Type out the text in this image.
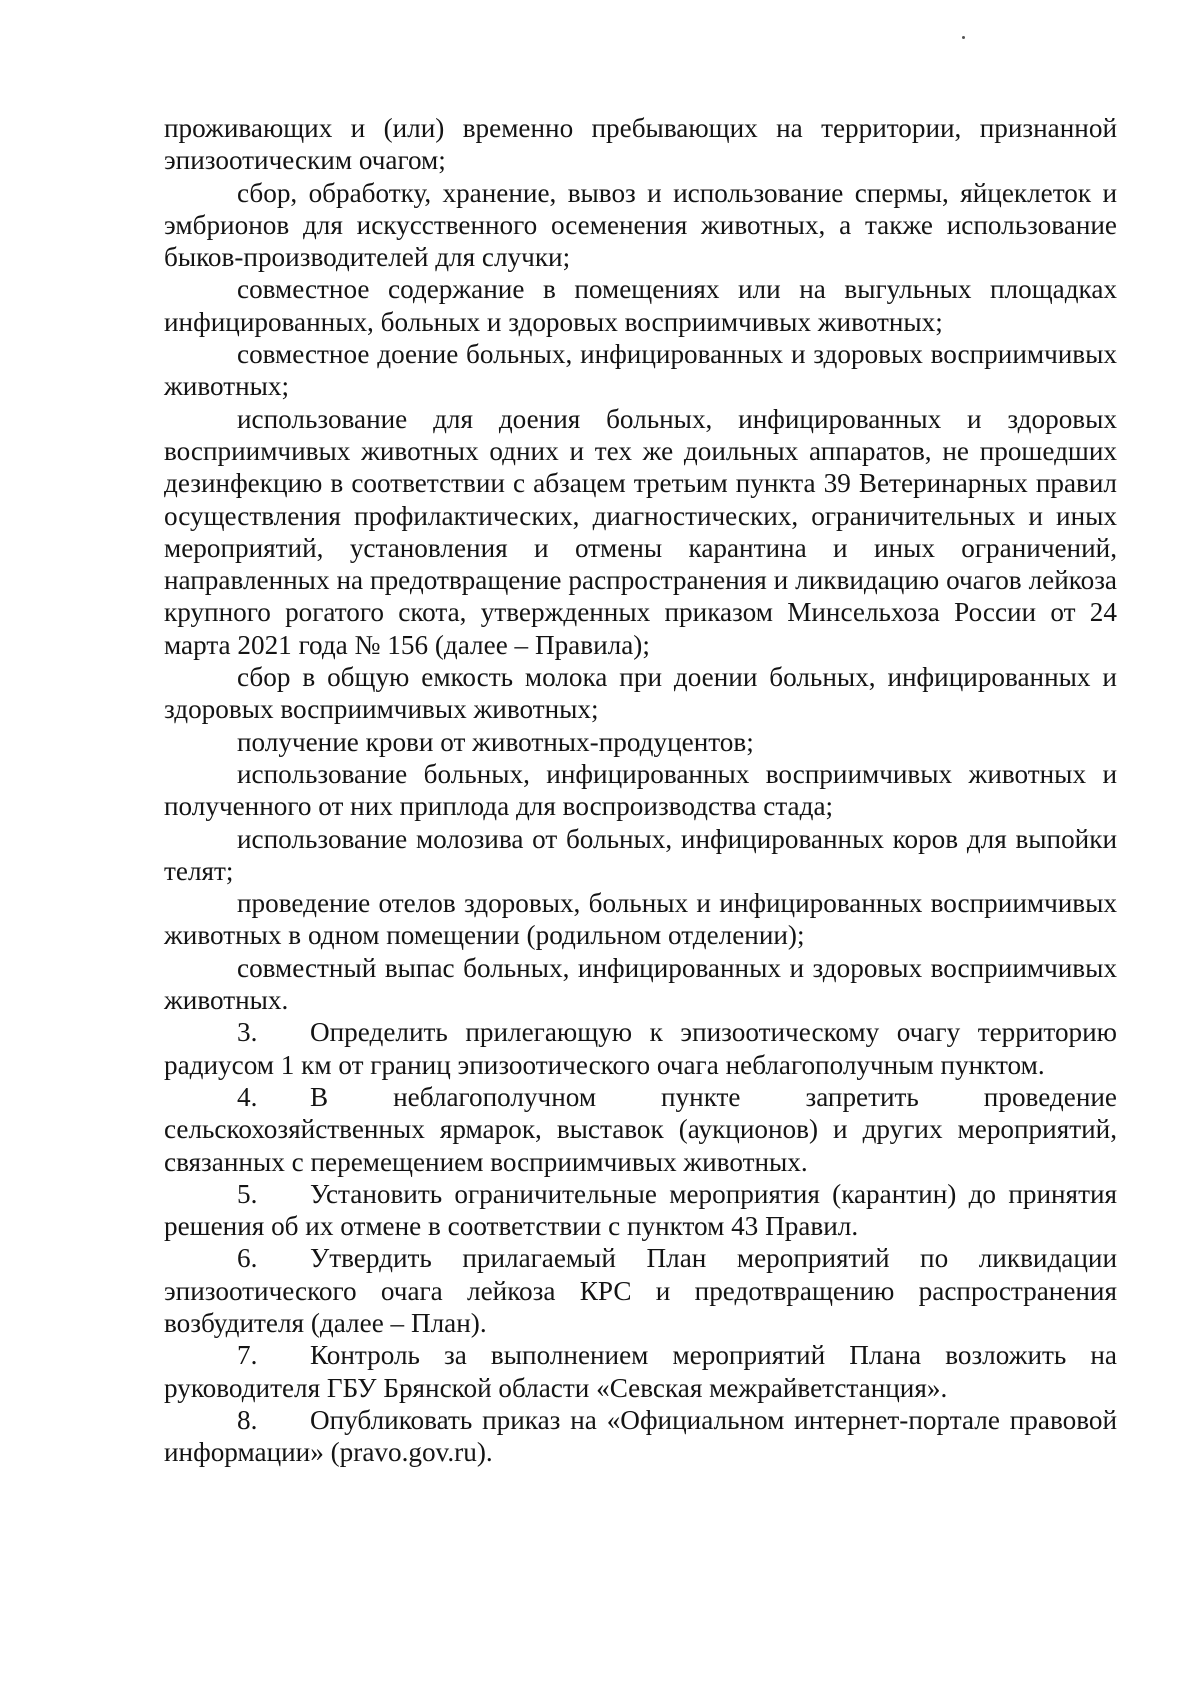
проживающих и (или) временно пребывающих на территории, признанной эпизоотическим очагом;

сбор, обработку, хранение, вывоз и использование спермы, яйцеклеток и эмбрионов для искусственного осеменения животных, а также использование быков-производителей для случки;

совместное содержание в помещениях или на выгульных площадках инфицированных, больных и здоровых восприимчивых животных;

совместное доение больных, инфицированных и здоровых восприимчивых животных;

использование для доения больных, инфицированных и здоровых восприимчивых животных одних и тех же доильных аппаратов, не прошедших дезинфекцию в соответствии с абзацем третьим пункта 39 Ветеринарных правил осуществления профилактических, диагностических, ограничительных и иных мероприятий, установления и отмены карантина и иных ограничений, направленных на предотвращение распространения и ликвидацию очагов лейкоза крупного рогатого скота, утвержденных приказом Минсельхоза России от 24 марта 2021 года № 156 (далее – Правила);

сбор в общую емкость молока при доении больных, инфицированных и здоровых восприимчивых животных;

получение крови от животных-продуцентов;

использование больных, инфицированных восприимчивых животных и полученного от них приплода для воспроизводства стада;

использование молозива от больных, инфицированных коров для выпойки телят;

проведение отелов здоровых, больных и инфицированных восприимчивых животных в одном помещении (родильном отделении);

совместный выпас больных, инфицированных и здоровых восприимчивых животных.

3. Определить прилегающую к эпизоотическому очагу территорию радиусом 1 км от границ эпизоотического очага неблагополучным пунктом.

4. В неблагополучном пункте запретить проведение сельскохозяйственных ярмарок, выставок (аукционов) и других мероприятий, связанных с перемещением восприимчивых животных.

5. Установить ограничительные мероприятия (карантин) до принятия решения об их отмене в соответствии с пунктом 43 Правил.

6. Утвердить прилагаемый План мероприятий по ликвидации эпизоотического очага лейкоза КРС и предотвращению распространения возбудителя (далее – План).

7. Контроль за выполнением мероприятий Плана возложить на руководителя ГБУ Брянской области «Севская межрайветстанция».

8. Опубликовать приказ на «Официальном интернет-портале правовой информации» (pravo.gov.ru).
